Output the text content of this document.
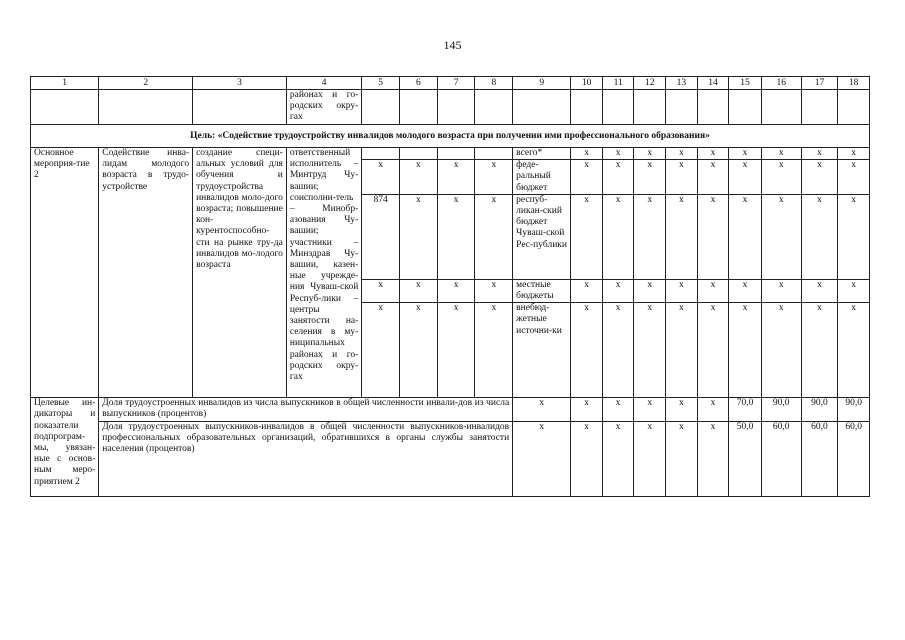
145
1	2	3	4	5	6	7	8	9	10	11	12	13	14	15	16	17	18
			районах и го-родских окру-гах														
Цель: «Содействие трудоустройству инвалидов молодого возраста при получении ими профессионального образования»																	
Основное мероприя-тие 2	Содействие инва-лидам молодого возраста в трудо-устройстве	создание специ-альных условий для обучения и трудоустройства инвалидов моло-дого возраста; повышение кон-курентоспособно-сти на рынке тру-да инвалидов мо-лодого возраста	ответственный исполнитель – Минтруд Чу-вашии; соисполни-тель – Минобр-азования Чу-вашии; участники – Минздрав Чу-вашии, казен-ные учрежде-ния Чуваш-ской Респуб-лики – центры занятости на-селения в му-ниципальных районах и го-родских окру-гах					всего*	x	x	x	x	x	x	x	x	x
				x	x	x	x	феде-ральный бюджет	x	x	x	x	x	x	x	x	x
				874	x	x	x	респуб-ликан-ский бюджет Чуваш-ской Рес-публики	x	x	x	x	x	x	x	x	x
				x	x	x	x	местные бюджеты	x	x	x	x	x	x	x	x	x
				x	x	x	x	внебюд-жетные источни-ки	x	x	x	x	x	x	x	x	x
Целевые ин-дикаторы и показатели подпрограм-мы, увязан-ные с основ-ным меро-приятием 2	Доля трудоустроенных инвалидов из числа выпускников в общей численности инвали-дов из числа выпускников (процентов)							x	x	x	x	x	x	70,0	90,0	90,0	90,0
	Доля трудоустроенных выпускников-инвалидов в общей численности выпускников-инвалидов профессиональных образовательных организаций, обратившихся в органы службы занятости населения (процентов)							x	x	x	x	x	x	50,0	60,0	60,0	60,0
